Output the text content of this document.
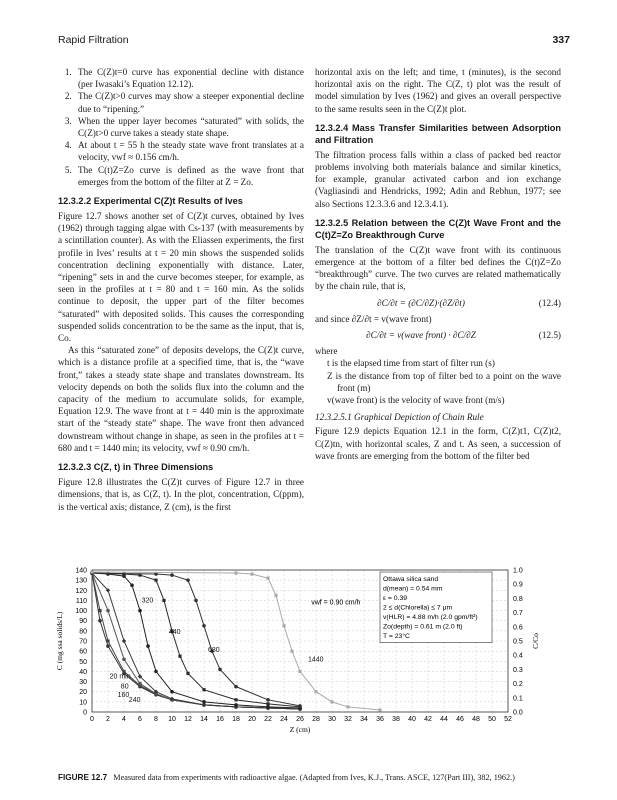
Rapid Filtration	337
1. The C(Z)t=0 curve has exponential decline with distance (per Iwasaki’s Equation 12.12).
2. The C(Z)t>0 curves may show a steeper exponential decline due to “ripening.”
3. When the upper layer becomes “saturated” with solids, the C(Z)t>0 curve takes a steady state shape.
4. At about t = 55 h the steady state wave front translates at a velocity, vwf ≈ 0.156 cm/h.
5. The C(t)Z=Zo curve is defined as the wave front that emerges from the bottom of the filter at Z = Zo.
12.3.2.2 Experimental C(Z)t Results of Ives

Figure 12.7 shows another set of C(Z)t curves, obtained by Ives (1962) through tagging algae with Cs-137 (with measurements by a scintillation counter). As with the Eliassen experiments, the first profile in Ives’ results at t = 20 min shows the suspended solids concentration declining exponentially with distance. Later, “ripening” sets in and the curve becomes steeper, for example, as seen in the profiles at t = 80 and t = 160 min. As the solids continue to deposit, the upper part of the filter becomes “saturated” with deposited solids. This causes the corresponding suspended solids concentration to be the same as the input, that is, Co.

As this “saturated zone” of deposits develops, the C(Z)t curve, which is a distance profile at a specified time, that is, the “wave front,” takes a steady state shape and translates downstream. Its velocity depends on both the solids flux into the column and the capacity of the medium to accumulate solids, for example, Equation 12.9. The wave front at t = 440 min is the approximate start of the “steady state” shape. The wave front then advanced downstream without change in shape, as seen in the profiles at t = 680 and t = 1440 min; its velocity, vwf ≈ 0.90 cm/h.

12.3.2.3 C(Z, t) in Three Dimensions

Figure 12.8 illustrates the C(Z)t curves of Figure 12.7 in three dimensions, that is, as C(Z, t). In the plot, concentration, C(ppm), is the vertical axis; distance, Z (cm), is the first

horizontal axis on the left; and time, t (minutes), is the second horizontal axis on the right. The C(Z, t) plot was the result of model simulation by Ives (1962) and gives an overall perspective to the same results seen in the C(Z)t plot.

12.3.2.4 Mass Transfer Similarities between Adsorption and Filtration

The filtration process falls within a class of packed bed reactor problems involving both materials balance and similar kinetics, for example, granular activated carbon and ion exchange (Vagliasindi and Hendricks, 1992; Adin and Rebhun, 1977; see also Sections 12.3.3.6 and 12.3.4.1).

12.3.2.5 Relation between the C(Z)t Wave Front and the C(t)Z=Zo Breakthrough Curve

The translation of the C(Z)t wave front with its continuous emergence at the bottom of a filter bed defines the C(t)Z=Zo “breakthrough” curve. The two curves are related mathematically by the chain rule, that is,

∂C/∂t = (∂C/∂Z)·(∂Z/∂t)	(12.4)

and since ∂Z/∂t = v(wave front)

∂C/∂t = v(wave front) · ∂C/∂Z	(12.5)

where

t is the elapsed time from start of filter run (s)
Z is the distance from top of filter bed to a point on the wave front (m)
v(wave front) is the velocity of wave front (m/s)
12.3.2.5.1 Graphical Depiction of Chain Rule

Figure 12.9 depicts Equation 12.1 in the form, C(Z)t1, C(Z)t2, C(Z)tn, with horizontal scales, Z and t. As seen, a succession of wave fronts are emerging from the bottom of the filter bed

0
10
20
30
40
50
60
70
80
90
100
110
120
130
140
0 2 4 6 8 10 12 14 16 18 20 22 24 26 28 30 32 34 36 38 40 42 44 46 48 50 52
0.0
0.1
0.2
0.3
0.4
0.5
0.6
0.7
0.8
0.9
1.0
Z (cm)
C (mg ssa solids/L)	C/Co
20 min
80
160
240
320
440
680
1440
vwf = 0.90 cm/h
Ottawa silica sand
d(mean) = 0.54 mm
ε = 0.39
2 ≤ d(Chlorella) ≤ 7 μm
v(HLR) = 4.88 m/h (2.0 gpm/ft²)
Zo(depth) = 0.61 m (2.0 ft)
T = 23°C
FIGURE 12.7 Measured data from experiments with radioactive algae. (Adapted from Ives, K.J., Trans. ASCE, 127(Part III), 382, 1962.)
